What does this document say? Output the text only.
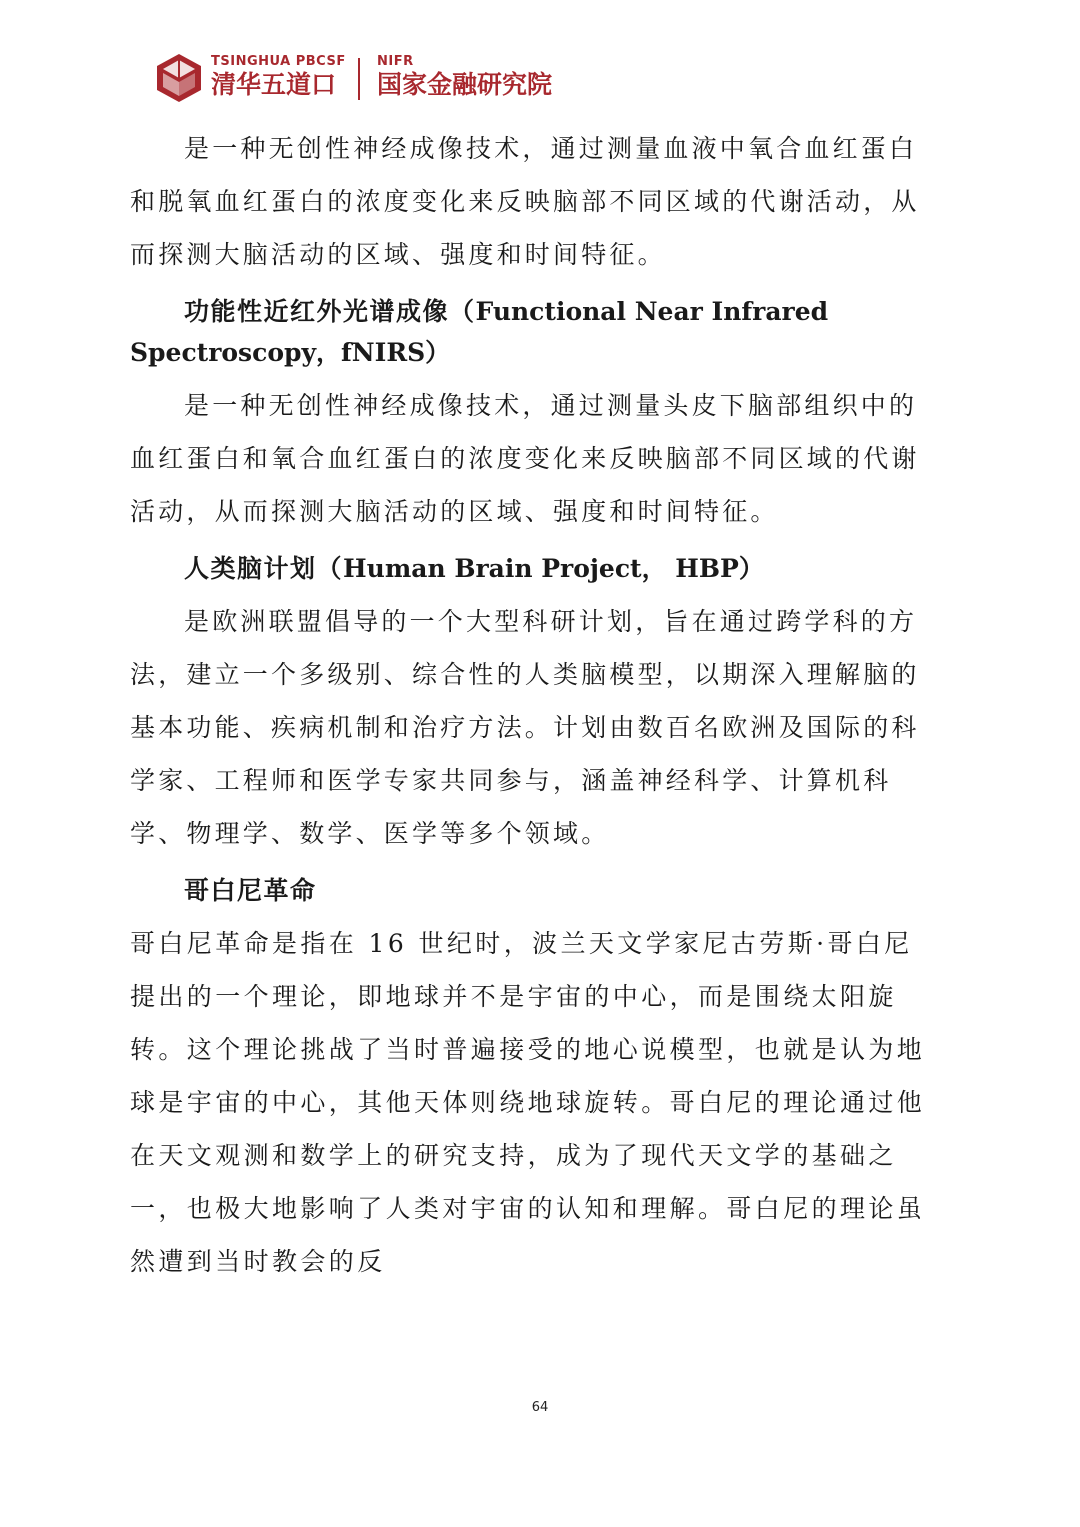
TSINGHUA PBCSF
清华五道口
NIFR
国家金融研究院

是一种无创性神经成像技术，通过测量血液中氧合血红蛋白和脱氧血红蛋白的浓度变化来反映脑部不同区域的代谢活动，从而探测大脑活动的区域、强度和时间特征。

功能性近红外光谱成像（Functional Near Infrared Spectroscopy，fNIRS）

是一种无创性神经成像技术，通过测量头皮下脑部组织中的血红蛋白和氧合血红蛋白的浓度变化来反映脑部不同区域的代谢活动，从而探测大脑活动的区域、强度和时间特征。

人类脑计划（Human Brain Project， HBP）

是欧洲联盟倡导的一个大型科研计划，旨在通过跨学科的方法，建立一个多级别、综合性的人类脑模型，以期深入理解脑的基本功能、疾病机制和治疗方法。计划由数百名欧洲及国际的科学家、工程师和医学专家共同参与，涵盖神经科学、计算机科学、物理学、数学、医学等多个领域。

哥白尼革命

哥白尼革命是指在 16 世纪时，波兰天文学家尼古劳斯·哥白尼提出的一个理论，即地球并不是宇宙的中心，而是围绕太阳旋转。这个理论挑战了当时普遍接受的地心说模型，也就是认为地球是宇宙的中心，其他天体则绕地球旋转。哥白尼的理论通过他在天文观测和数学上的研究支持，成为了现代天文学的基础之一，也极大地影响了人类对宇宙的认知和理解。哥白尼的理论虽然遭到当时教会的反

64
